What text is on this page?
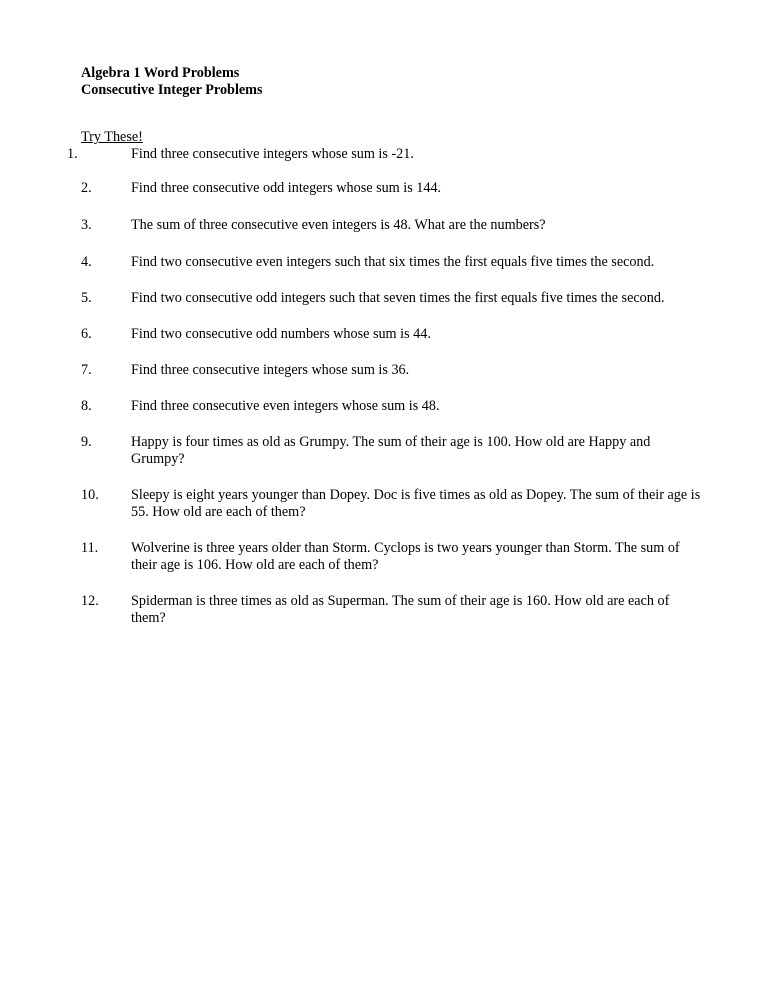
Algebra 1 Word Problems
Consecutive Integer Problems
Try These!
1.	Find three consecutive integers whose sum is -21.
2.	Find three consecutive odd integers whose sum is 144.
3.	The sum of three consecutive even integers is 48. What are the numbers?
4.	Find two consecutive even integers such that six times the first equals five times the second.
5.	Find two consecutive odd integers such that seven times the first equals five times the second.
6.	Find two consecutive odd numbers whose sum is 44.
7.	Find three consecutive integers whose sum is 36.
8.	Find three consecutive even integers whose sum is 48.
9.	Happy is four times as old as Grumpy. The sum of their age is 100. How old are Happy and Grumpy?
10.	Sleepy is eight years younger than Dopey. Doc is five times as old as Dopey. The sum of their age is 55. How old are each of them?
11.	Wolverine is three years older than Storm. Cyclops is two years younger than Storm. The sum of their age is 106. How old are each of them?
12.	Spiderman is three times as old as Superman. The sum of their age is 160. How old are each of them?
